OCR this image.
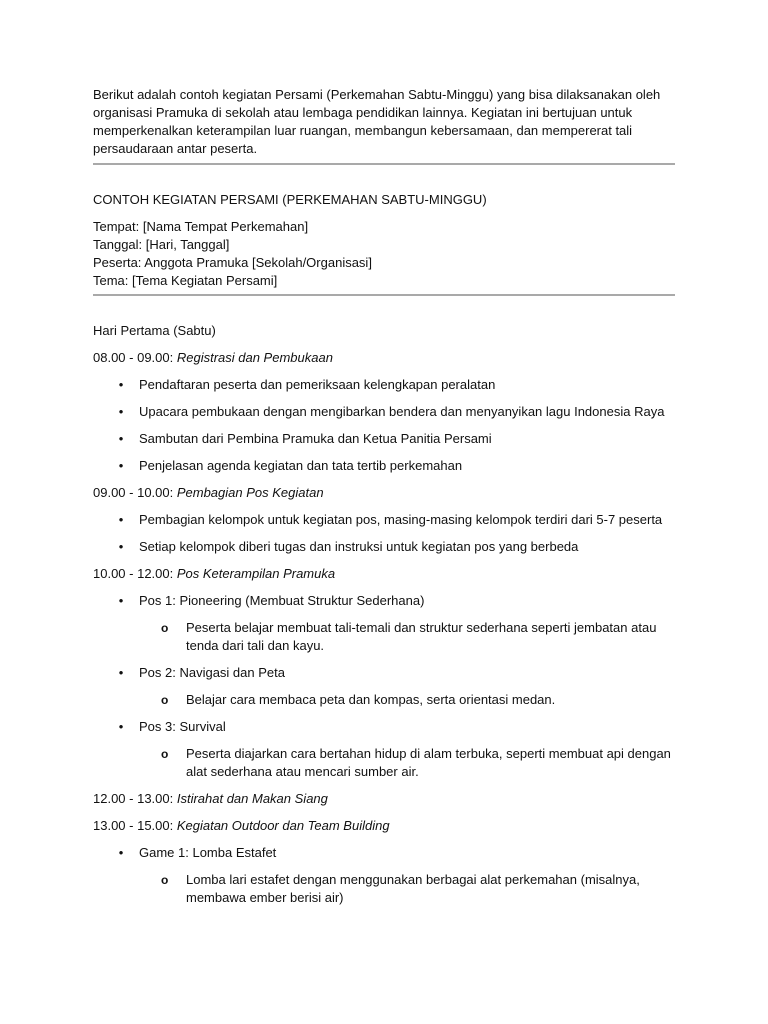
Berikut adalah contoh kegiatan Persami (Perkemahan Sabtu-Minggu) yang bisa dilaksanakan oleh organisasi Pramuka di sekolah atau lembaga pendidikan lainnya. Kegiatan ini bertujuan untuk memperkenalkan keterampilan luar ruangan, membangun kebersamaan, dan mempererat tali persaudaraan antar peserta.

CONTOH KEGIATAN PERSAMI (PERKEMAHAN SABTU-MINGGU)

Tempat: [Nama Tempat Perkemahan]
Tanggal: [Hari, Tanggal]
Peserta: Anggota Pramuka [Sekolah/Organisasi]
Tema: [Tema Kegiatan Persami]

Hari Pertama (Sabtu)

08.00 - 09.00: Registrasi dan Pembukaan

• Pendaftaran peserta dan pemeriksaan kelengkapan peralatan
• Upacara pembukaan dengan mengibarkan bendera dan menyanyikan lagu Indonesia Raya
• Sambutan dari Pembina Pramuka dan Ketua Panitia Persami
• Penjelasan agenda kegiatan dan tata tertib perkemahan

09.00 - 10.00: Pembagian Pos Kegiatan

• Pembagian kelompok untuk kegiatan pos, masing-masing kelompok terdiri dari 5-7 peserta
• Setiap kelompok diberi tugas dan instruksi untuk kegiatan pos yang berbeda

10.00 - 12.00: Pos Keterampilan Pramuka

• Pos 1: Pioneering (Membuat Struktur Sederhana)
o Peserta belajar membuat tali-temali dan struktur sederhana seperti jembatan atau tenda dari tali dan kayu.
• Pos 2: Navigasi dan Peta
o Belajar cara membaca peta dan kompas, serta orientasi medan.
• Pos 3: Survival
o Peserta diajarkan cara bertahan hidup di alam terbuka, seperti membuat api dengan alat sederhana atau mencari sumber air.

12.00 - 13.00: Istirahat dan Makan Siang

13.00 - 15.00: Kegiatan Outdoor dan Team Building

• Game 1: Lomba Estafet
o Lomba lari estafet dengan menggunakan berbagai alat perkemahan (misalnya, membawa ember berisi air)
